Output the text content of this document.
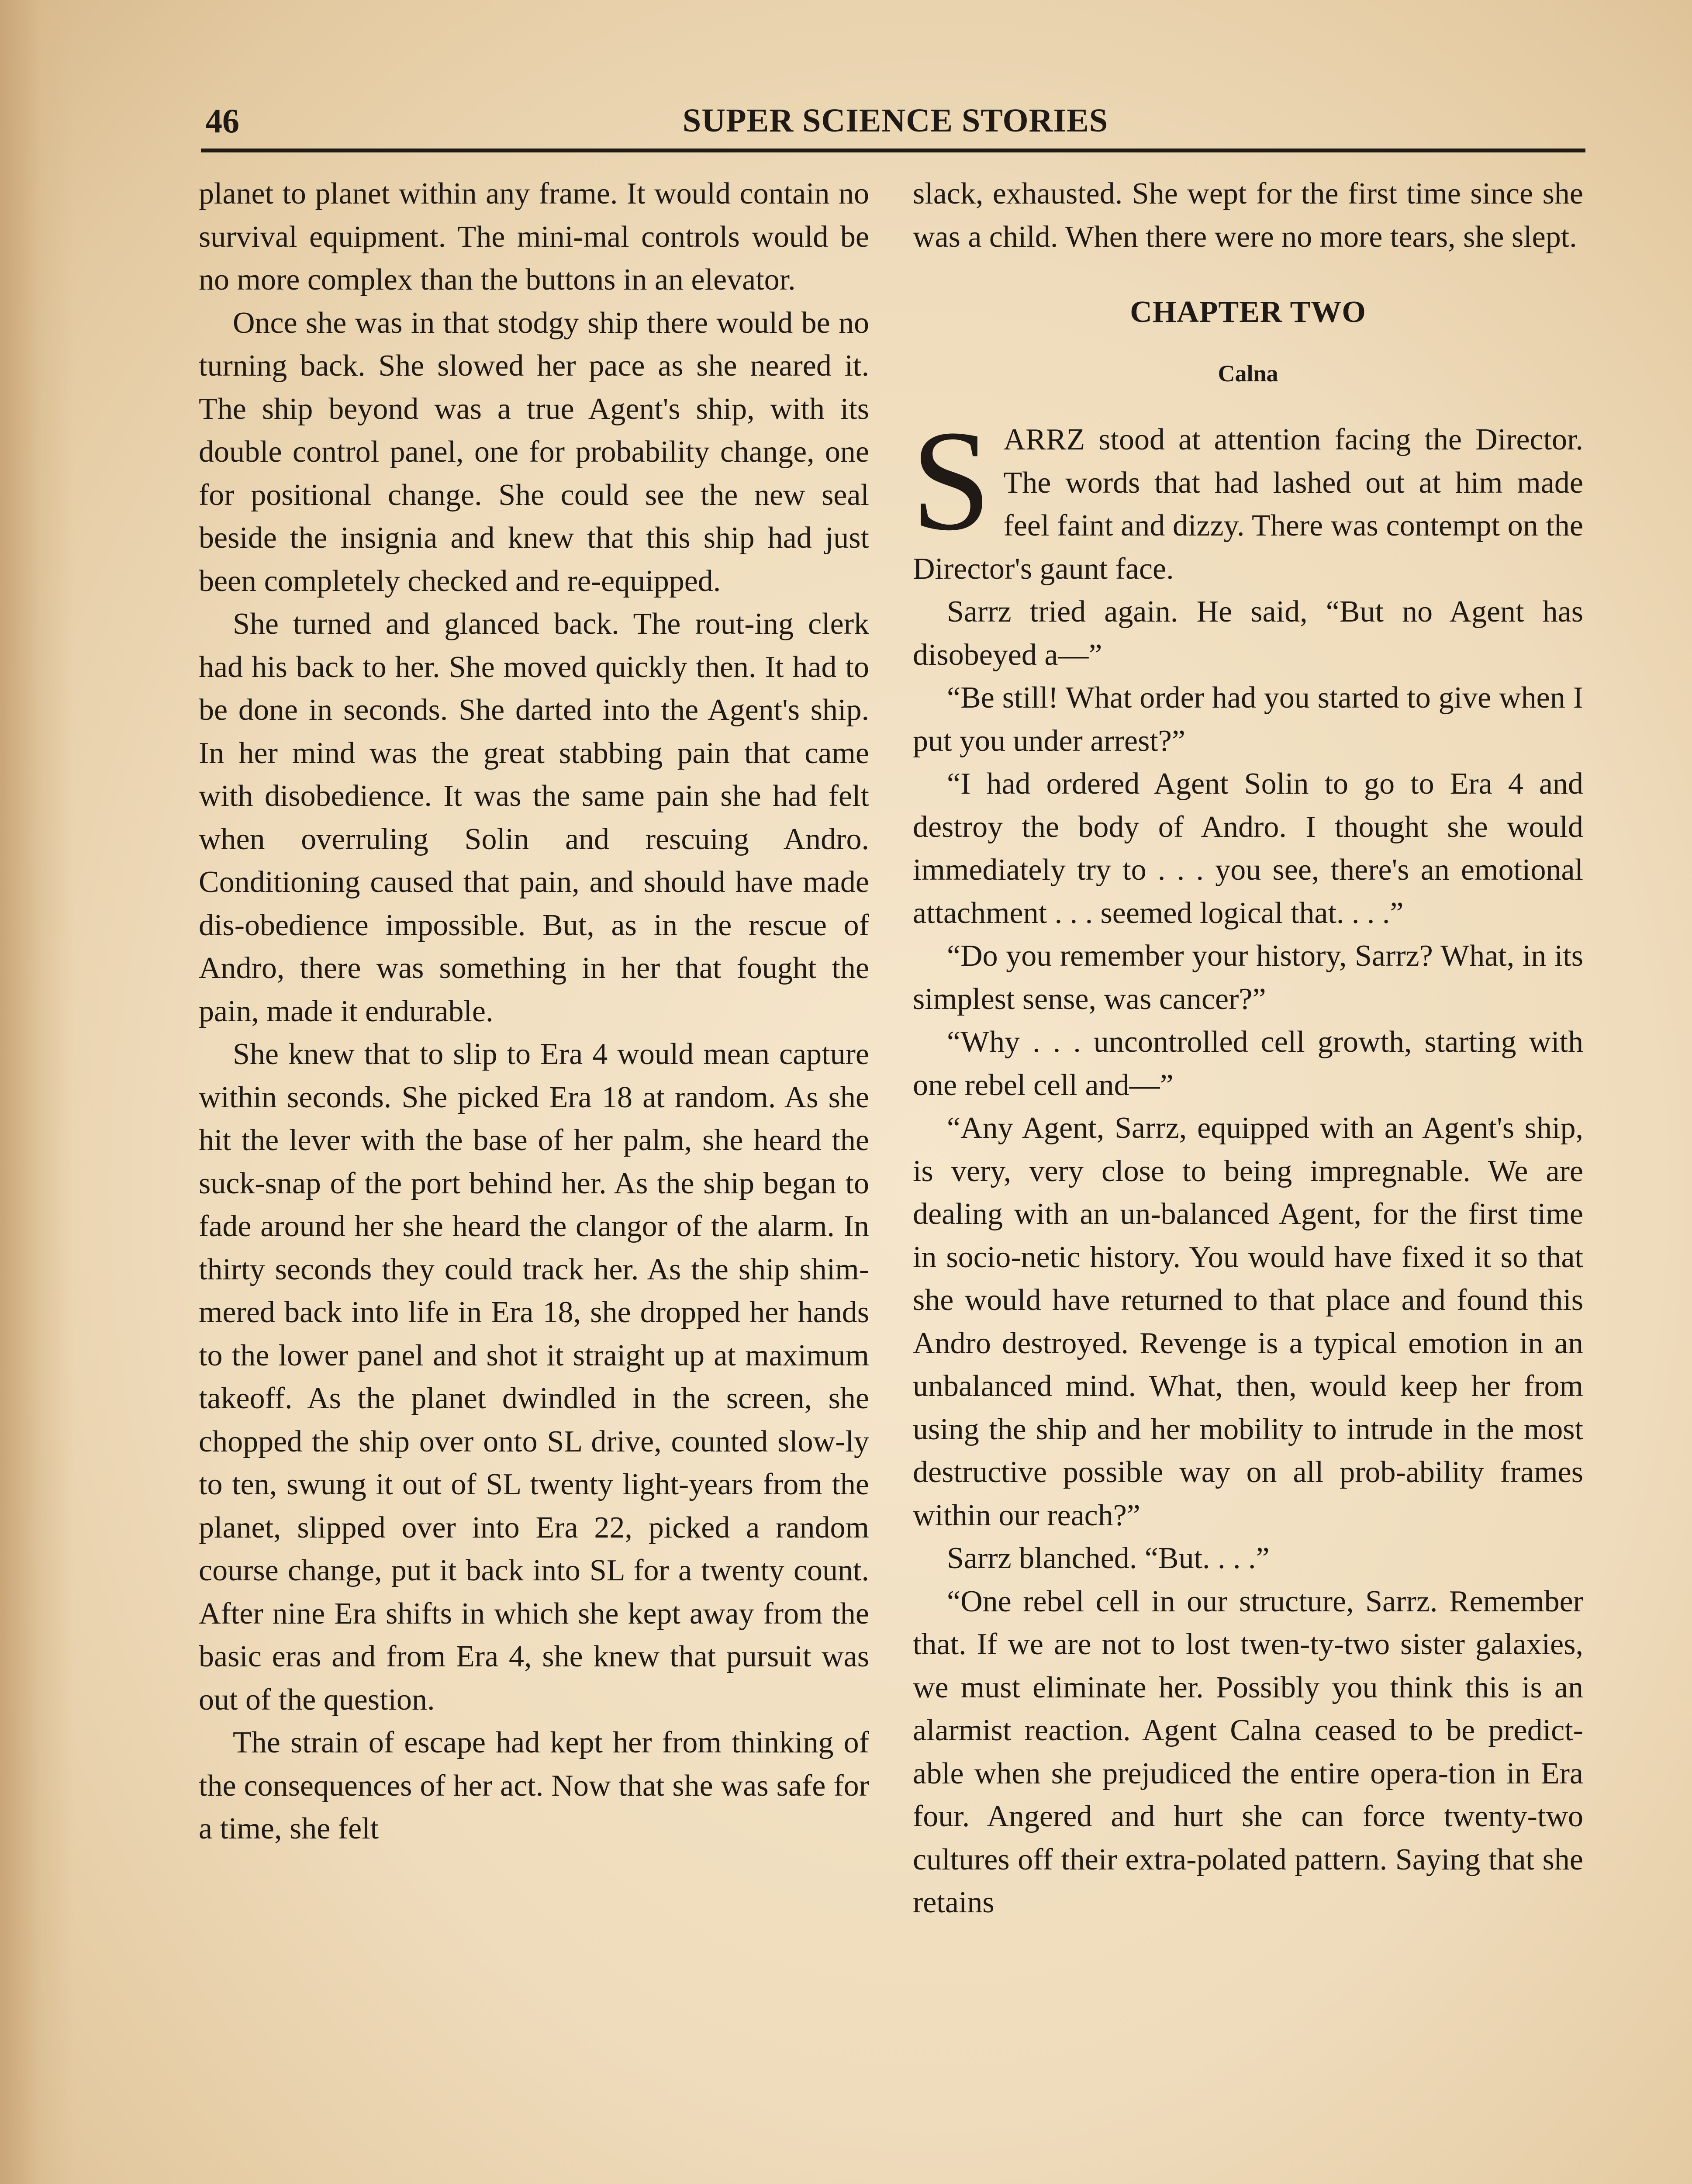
46	SUPER SCIENCE STORIES

planet to planet within any frame. It would contain no survival equipment. The mini-mal controls would be no more complex than the buttons in an elevator.

Once she was in that stodgy ship there would be no turning back. She slowed her pace as she neared it. The ship beyond was a true Agent's ship, with its double control panel, one for probability change, one for positional change. She could see the new seal beside the insignia and knew that this ship had just been completely checked and re-equipped.

She turned and glanced back. The rout-ing clerk had his back to her. She moved quickly then. It had to be done in seconds. She darted into the Agent's ship. In her mind was the great stabbing pain that came with disobedience. It was the same pain she had felt when overruling Solin and rescuing Andro. Conditioning caused that pain, and should have made dis-obedience impossible. But, as in the rescue of Andro, there was something in her that fought the pain, made it endurable.

She knew that to slip to Era 4 would mean capture within seconds. She picked Era 18 at random. As she hit the lever with the base of her palm, she heard the suck-snap of the port behind her. As the ship began to fade around her she heard the clangor of the alarm. In thirty seconds they could track her. As the ship shim-mered back into life in Era 18, she dropped her hands to the lower panel and shot it straight up at maximum takeoff. As the planet dwindled in the screen, she chopped the ship over onto SL drive, counted slow-ly to ten, swung it out of SL twenty light-years from the planet, slipped over into Era 22, picked a random course change, put it back into SL for a twenty count. After nine Era shifts in which she kept away from the basic eras and from Era 4, she knew that pursuit was out of the question.

The strain of escape had kept her from thinking of the consequences of her act. Now that she was safe for a time, she felt

slack, exhausted. She wept for the first time since she was a child. When there were no more tears, she slept.

CHAPTER TWO
Calna

SARRZ stood at attention facing the Director. The words that had lashed out at him made feel faint and dizzy. There was contempt on the Director's gaunt face.

Sarrz tried again. He said, “But no Agent has disobeyed a—”

“Be still! What order had you started to give when I put you under arrest?”

“I had ordered Agent Solin to go to Era 4 and destroy the body of Andro. I thought she would immediately try to . . . you see, there's an emotional attachment . . . seemed logical that. . . .”

“Do you remember your history, Sarrz? What, in its simplest sense, was cancer?”

“Why . . . uncontrolled cell growth, starting with one rebel cell and—”

“Any Agent, Sarrz, equipped with an Agent's ship, is very, very close to being impregnable. We are dealing with an un-balanced Agent, for the first time in socio-netic history. You would have fixed it so that she would have returned to that place and found this Andro destroyed. Revenge is a typical emotion in an unbalanced mind. What, then, would keep her from using the ship and her mobility to intrude in the most destructive possible way on all prob-ability frames within our reach?”

Sarrz blanched. “But. . . .”

“One rebel cell in our structure, Sarrz. Remember that. If we are not to lost twen-ty-two sister galaxies, we must eliminate her. Possibly you think this is an alarmist reaction. Agent Calna ceased to be predict-able when she prejudiced the entire opera-tion in Era four. Angered and hurt she can force twenty-two cultures off their extra-polated pattern. Saying that she retains
